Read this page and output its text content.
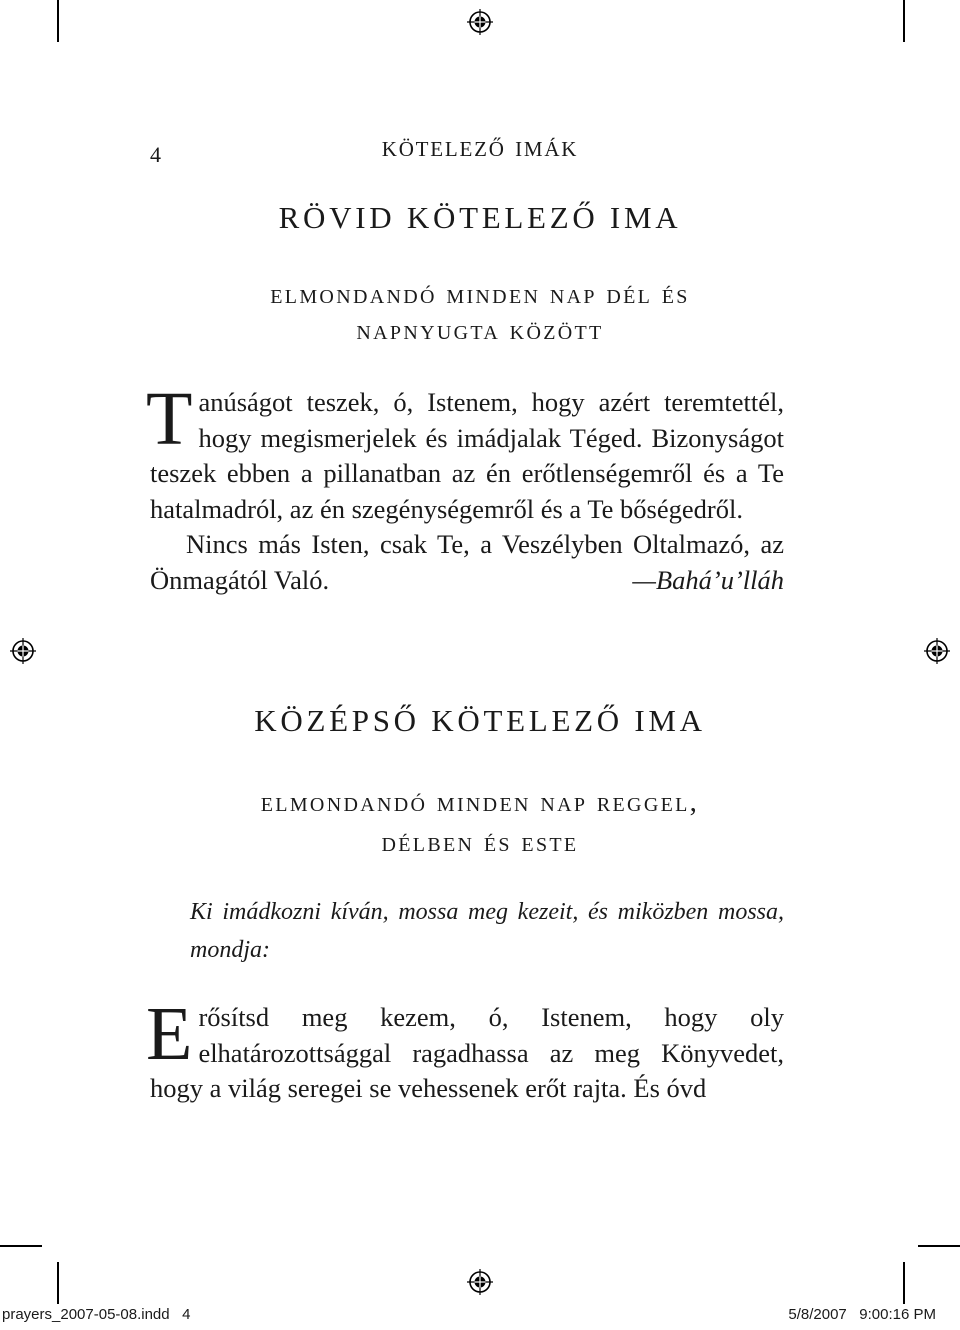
4	kötelező imák
RÖVID KÖTELEZŐ IMA
elmondandó minden nap dél és
napnyugta között

Tanúságot teszek, ó, Istenem, hogy azért teremtettél, hogy megismerjelek és imádjalak Téged. Bizonyságot teszek ebben a pillanatban az én erőtlenségemről és a Te hatalmadról, az én szegénységemről és a Te bőségedről.

Nincs más Isten, csak Te, a Veszélyben Oltalmazó, az Önmagától Való.	—Bahá’u’lláh

KÖZÉPSŐ KÖTELEZŐ IMA
elmondandó minden nap reggel,
délben és este
Ki imádkozni kíván, mossa meg kezeit, és miközben mossa, mondja:

Erősítsd meg kezem, ó, Istenem, hogy oly elhatározottsággal ragadhassa az meg Könyvedet, hogy a világ seregei se vehessenek erőt rajta. És óvd

prayers_2007-05-08.indd   4	5/8/2007   9:00:16 PM
